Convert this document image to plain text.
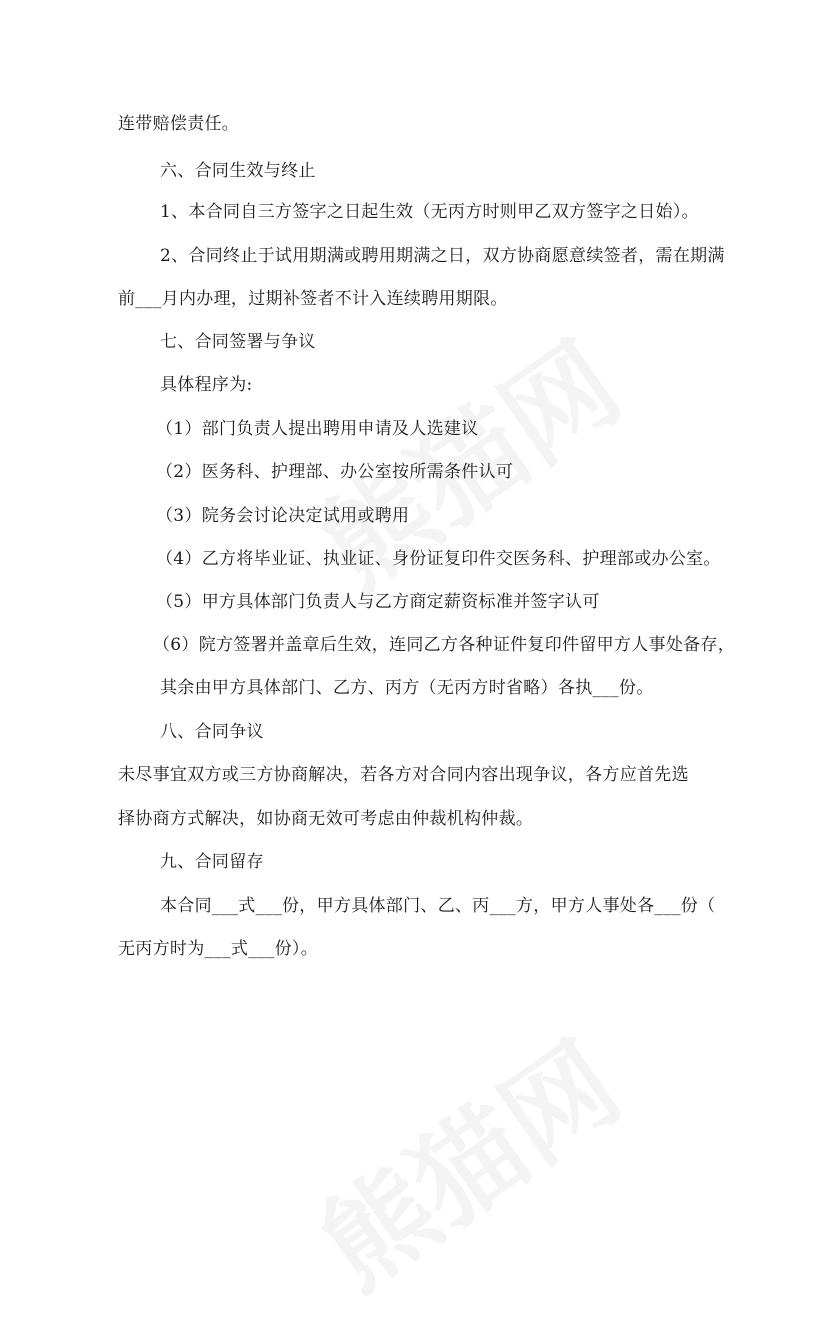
连带赔偿责任。
六、合同生效与终止
1、本合同自三方签字之日起生效（无丙方时则甲乙双方签字之日始）。
2、合同终止于试用期满或聘用期满之日，双方协商愿意续签者，需在期满
前___月内办理，过期补签者不计入连续聘用期限。
七、合同签署与争议
具体程序为:
（1）部门负责人提出聘用申请及人选建议
（2）医务科、护理部、办公室按所需条件认可
（3）院务会讨论决定试用或聘用
（4）乙方将毕业证、执业证、身份证复印件交医务科、护理部或办公室。
（5）甲方具体部门负责人与乙方商定薪资标准并签字认可
（6）院方签署并盖章后生效，连同乙方各种证件复印件留甲方人事处备存，
其余由甲方具体部门、乙方、丙方（无丙方时省略）各执___份。
八、合同争议
未尽事宜双方或三方协商解决，若各方对合同内容出现争议，各方应首先选
择协商方式解决，如协商无效可考虑由仲裁机构仲裁。
九、合同留存
本合同___式___份，甲方具体部门、乙、丙___方，甲方人事处各___份（
无丙方时为___式___份）。
